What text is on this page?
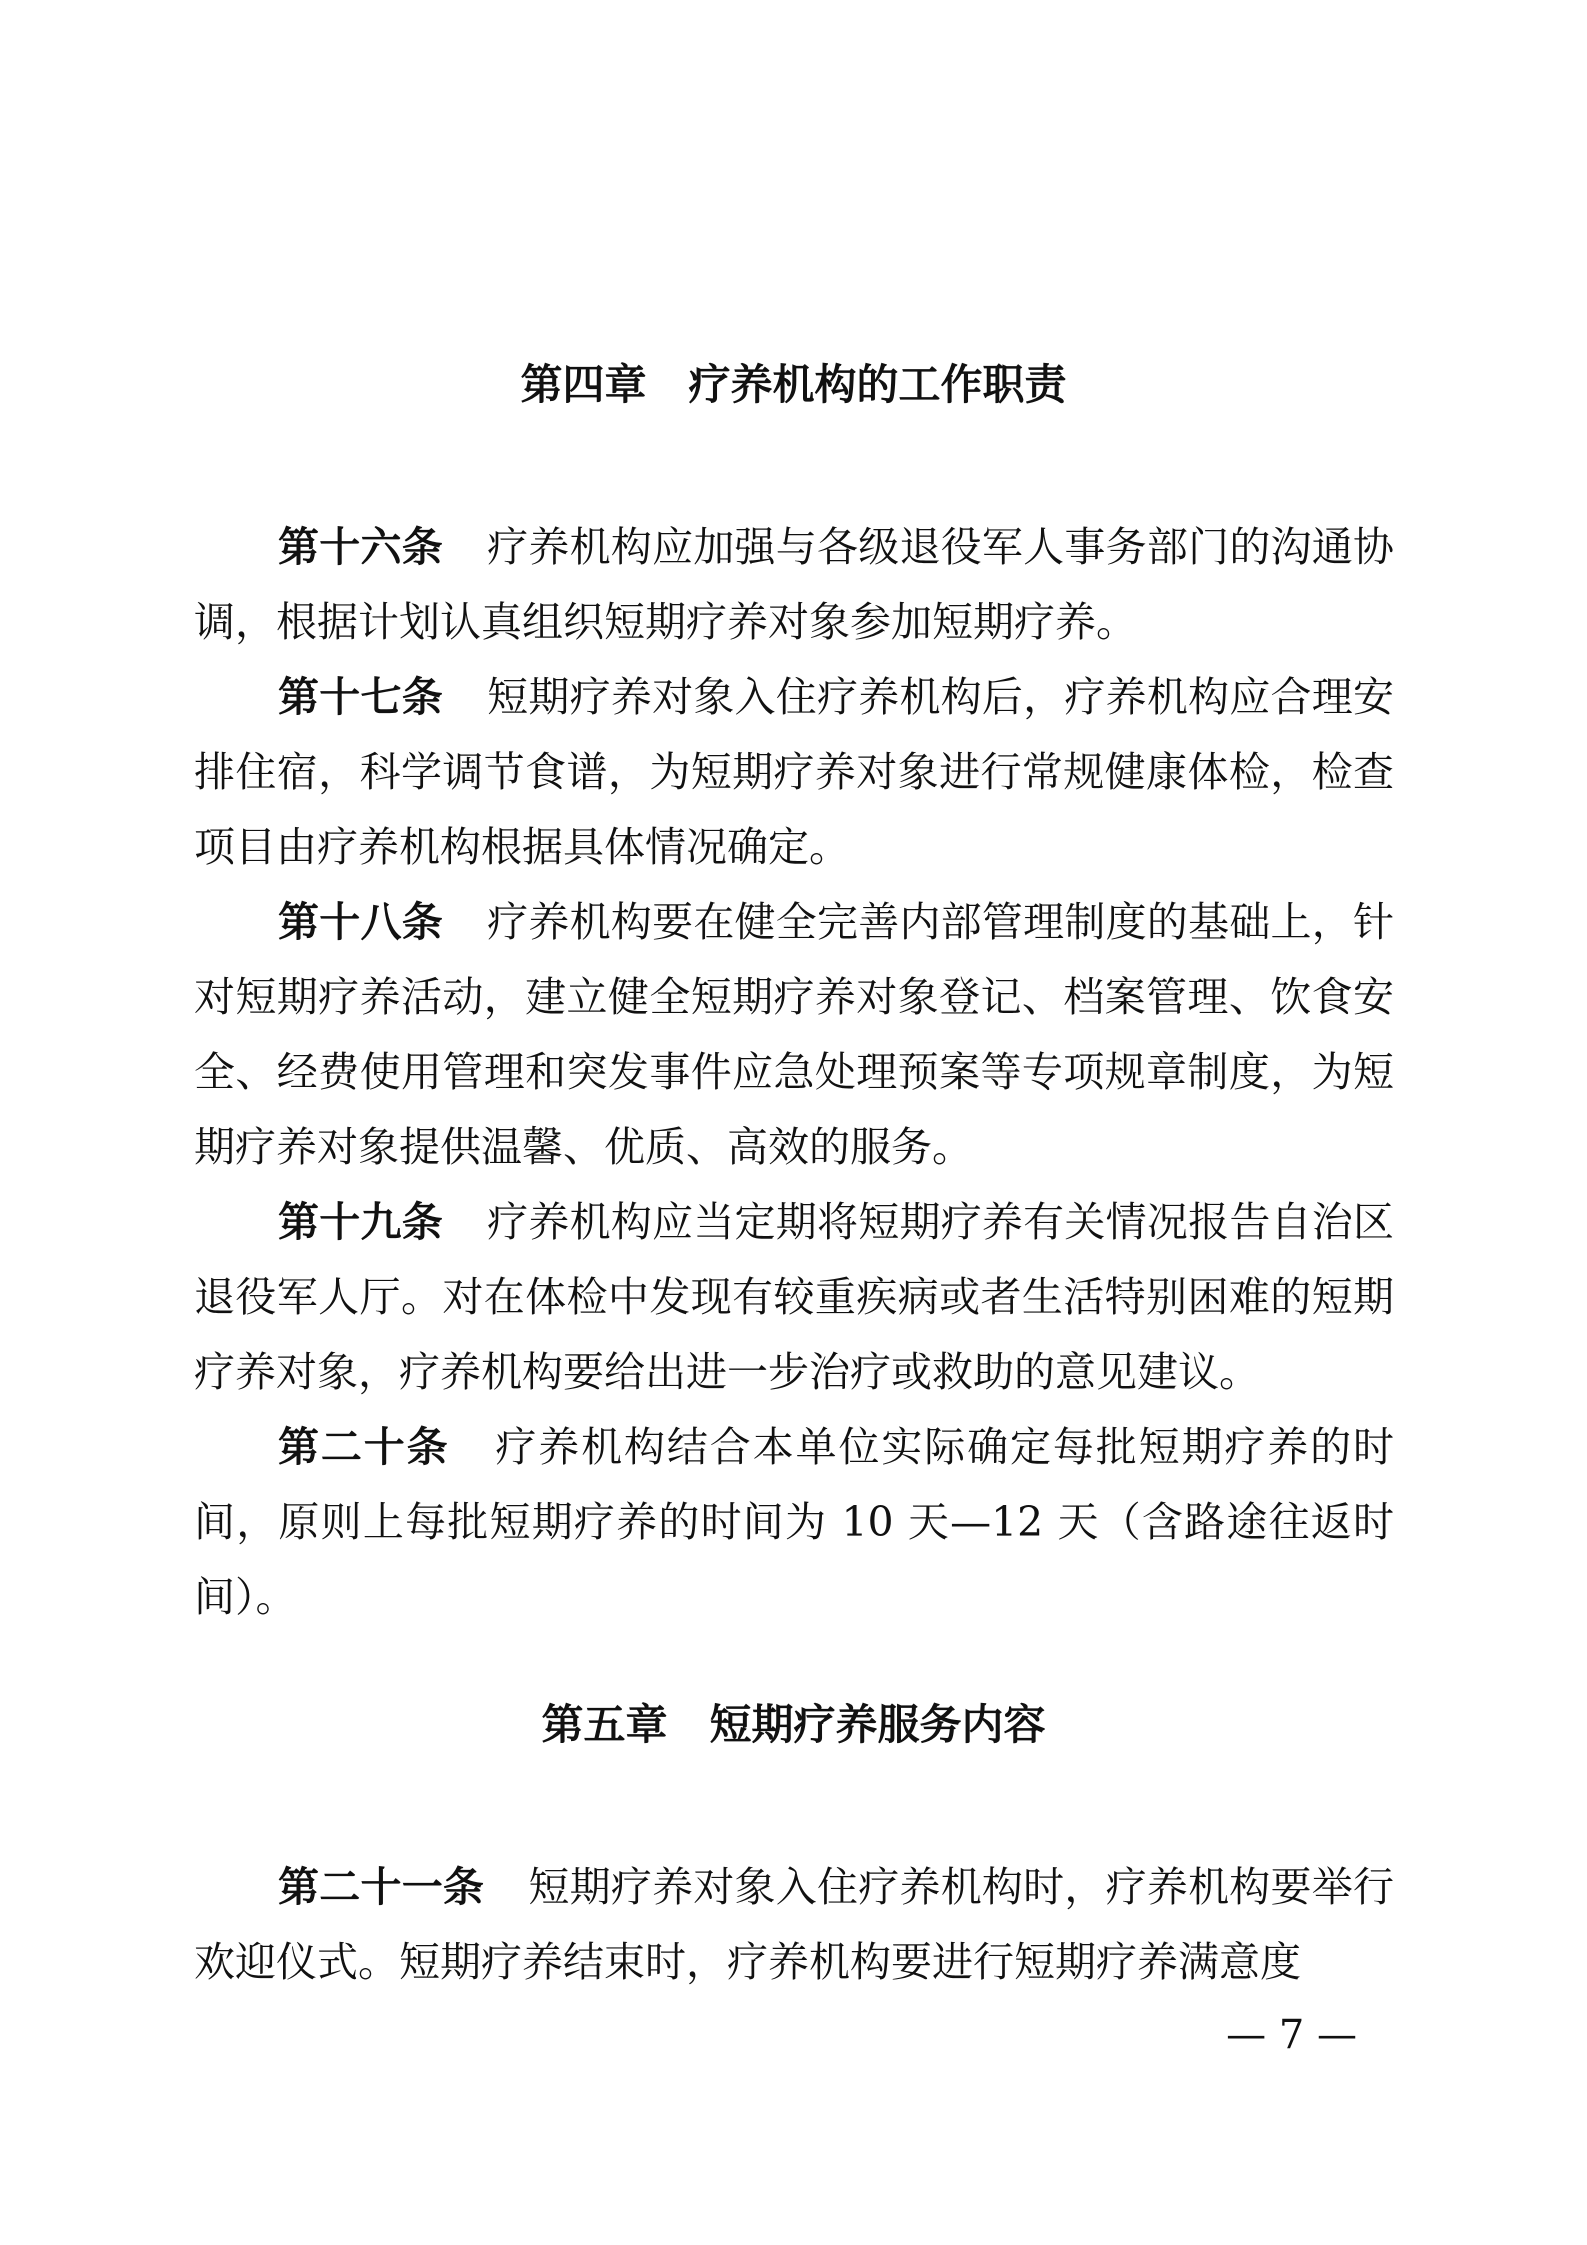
第四章　疗养机构的工作职责
第十六条 疗养机构应加强与各级退役军人事务部门的沟通协调，根据计划认真组织短期疗养对象参加短期疗养。
第十七条 短期疗养对象入住疗养机构后，疗养机构应合理安排住宿，科学调节食谱，为短期疗养对象进行常规健康体检，检查项目由疗养机构根据具体情况确定。
第十八条 疗养机构要在健全完善内部管理制度的基础上，针对短期疗养活动，建立健全短期疗养对象登记、档案管理、饮食安全、经费使用管理和突发事件应急处理预案等专项规章制度，为短期疗养对象提供温馨、优质、高效的服务。
第十九条 疗养机构应当定期将短期疗养有关情况报告自治区退役军人厅。对在体检中发现有较重疾病或者生活特别困难的短期疗养对象，疗养机构要给出进一步治疗或救助的意见建议。
第二十条 疗养机构结合本单位实际确定每批短期疗养的时间，原则上每批短期疗养的时间为 10 天—12 天（含路途往返时间）。
第五章　短期疗养服务内容
第二十一条 短期疗养对象入住疗养机构时，疗养机构要举行欢迎仪式。短期疗养结束时，疗养机构要进行短期疗养满意度
— 7 —
